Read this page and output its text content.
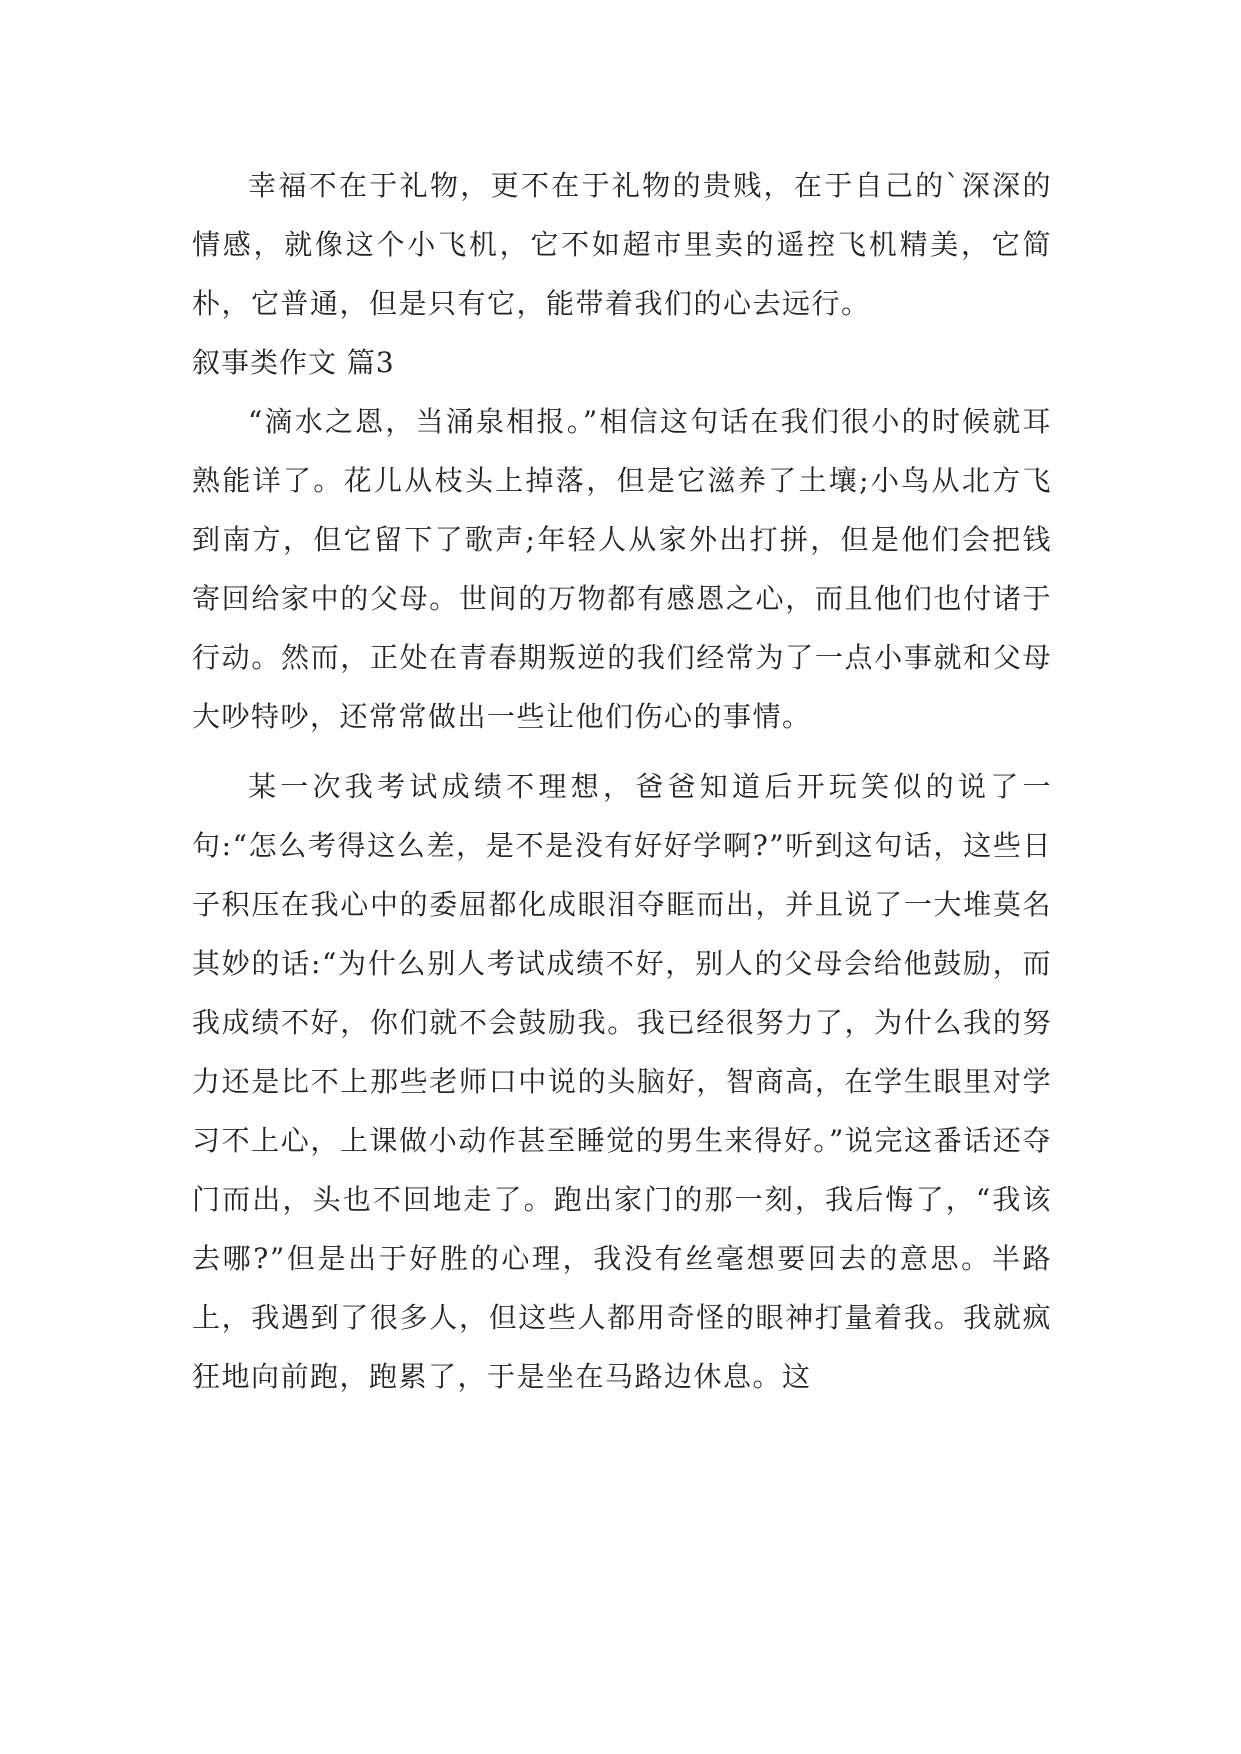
幸福不在于礼物，更不在于礼物的贵贱，在于自己的`深深的情感，就像这个小飞机，它不如超市里卖的遥控飞机精美，它简朴，它普通，但是只有它，能带着我们的心去远行。

叙事类作文 篇3

“滴水之恩，当涌泉相报。”相信这句话在我们很小的时候就耳熟能详了。花儿从枝头上掉落，但是它滋养了土壤;小鸟从北方飞到南方，但它留下了歌声;年轻人从家外出打拼，但是他们会把钱寄回给家中的父母。世间的万物都有感恩之心，而且他们也付诸于行动。然而，正处在青春期叛逆的我们经常为了一点小事就和父母大吵特吵，还常常做出一些让他们伤心的事情。

某一次我考试成绩不理想，爸爸知道后开玩笑似的说了一句:“怎么考得这么差，是不是没有好好学啊?”听到这句话，这些日子积压在我心中的委屈都化成眼泪夺眶而出，并且说了一大堆莫名其妙的话:“为什么别人考试成绩不好，别人的父母会给他鼓励，而我成绩不好，你们就不会鼓励我。我已经很努力了，为什么我的努力还是比不上那些老师口中说的头脑好，智商高，在学生眼里对学习不上心，上课做小动作甚至睡觉的男生来得好。”说完这番话还夺门而出，头也不回地走了。跑出家门的那一刻，我后悔了，“我该去哪?”但是出于好胜的心理，我没有丝毫想要回去的意思。半路上，我遇到了很多人，但这些人都用奇怪的眼神打量着我。我就疯狂地向前跑，跑累了，于是坐在马路边休息。这
